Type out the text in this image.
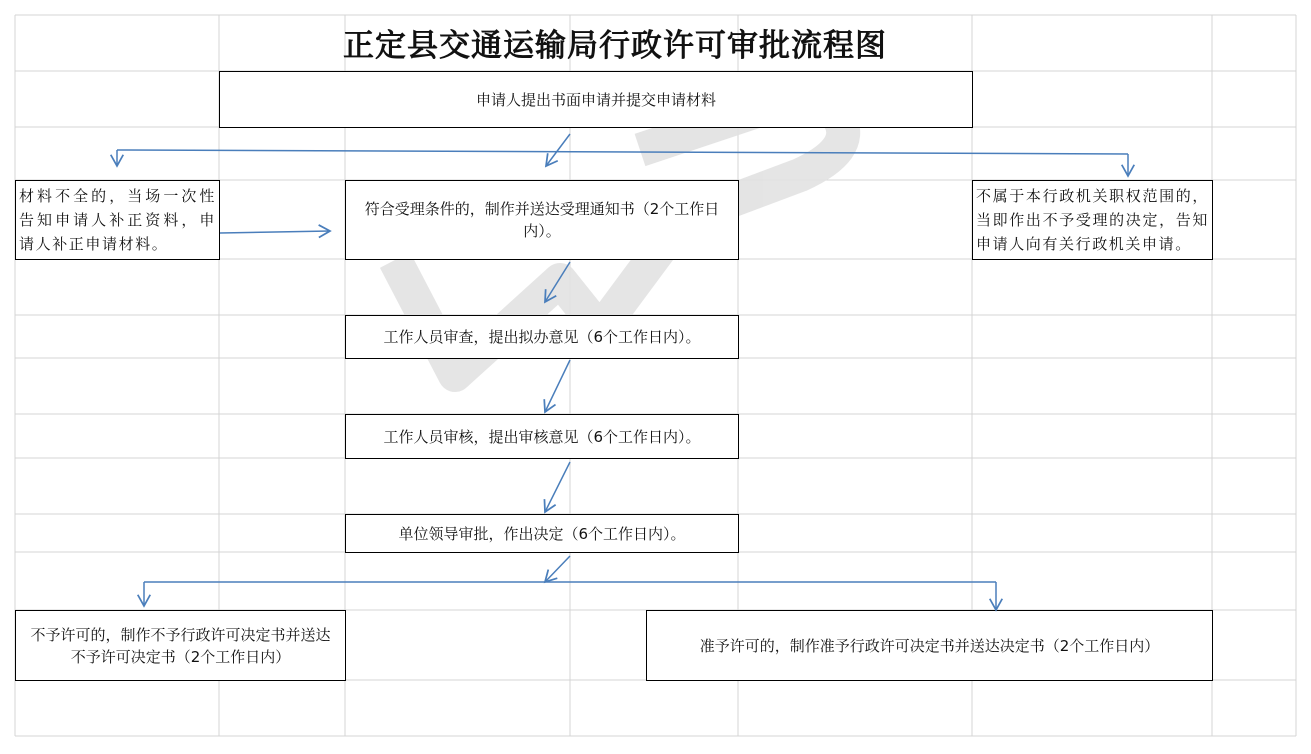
正定县交通运输局行政许可审批流程图
申请人提出书面申请并提交申请材料
材料不全的，当场一次性告知申请人补正资料，申请人补正申请材料。
符合受理条件的，制作并送达受理通知书（2个工作日内）。
不属于本行政机关职权范围的，当即作出不予受理的决定，告知申请人向有关行政机关申请。
工作人员审查，提出拟办意见（6个工作日内）。
工作人员审核，提出审核意见（6个工作日内）。
单位领导审批，作出决定（6个工作日内）。
不予许可的，制作不予行政许可决定书并送达不予许可决定书（2个工作日内）
准予许可的，制作准予行政许可决定书并送达决定书（2个工作日内）
